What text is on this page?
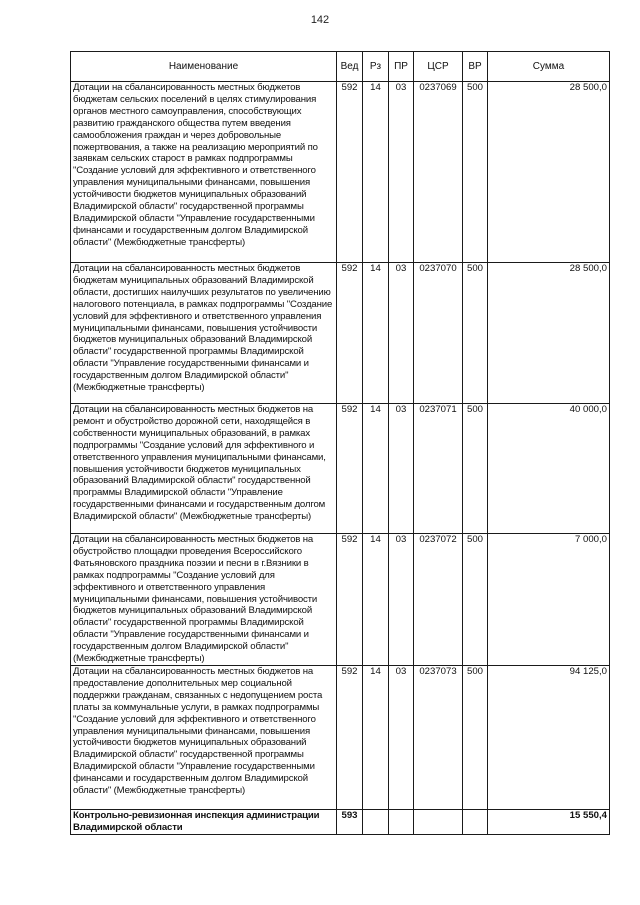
142
Наименование	Вед	Рз	ПР	ЦСР	ВР	Сумма
Дотации на сбалансированность местных бюджетов бюджетам сельских поселений в целях стимулирования органов местного самоуправления, способствующих развитию гражданского общества путем введения самообложения граждан и через добровольные пожертвования, а также на реализацию мероприятий по заявкам сельских старост в рамках подпрограммы "Создание условий для эффективного и ответственного управления муниципальными финансами, повышения устойчивости бюджетов муниципальных образований Владимирской области" государственной программы Владимирской области "Управление государственными финансами и государственным долгом Владимирской области" (Межбюджетные трансферты)	592	14	03	0237069	500	28 500,0
Дотации на сбалансированность местных бюджетов бюджетам муниципальных образований Владимирской области, достигших наилучших результатов по увеличению налогового потенциала, в рамках подпрограммы "Создание условий для эффективного и ответственного управления муниципальными финансами, повышения устойчивости бюджетов муниципальных образований Владимирской области" государственной программы Владимирской области "Управление государственными финансами и государственным долгом Владимирской области" (Межбюджетные трансферты)	592	14	03	0237070	500	28 500,0
Дотации на сбалансированность местных бюджетов на ремонт и обустройство дорожной сети, находящейся в собственности муниципальных образований, в рамках подпрограммы "Создание условий для эффективного и ответственного управления муниципальными финансами, повышения устойчивости бюджетов муниципальных образований Владимирской области" государственной программы Владимирской области "Управление государственными финансами и государственным долгом Владимирской области" (Межбюджетные трансферты)	592	14	03	0237071	500	40 000,0
Дотации на сбалансированность местных бюджетов на обустройство площадки проведения Всероссийского Фатьяновского праздника поэзии и песни в г.Вязники в рамках подпрограммы "Создание условий для эффективного и ответственного управления муниципальными финансами, повышения устойчивости бюджетов муниципальных образований Владимирской области" государственной программы Владимирской области "Управление государственными финансами и государственным долгом Владимирской области" (Межбюджетные трансферты)	592	14	03	0237072	500	7 000,0
Дотации на сбалансированность местных бюджетов на предоставление дополнительных мер социальной поддержки гражданам, связанных с недопущением роста платы за коммунальные услуги, в рамках подпрограммы "Создание условий для эффективного и ответственного управления муниципальными финансами, повышения устойчивости бюджетов муниципальных образований Владимирской области" государственной программы Владимирской области "Управление государственными финансами и государственным долгом Владимирской области" (Межбюджетные трансферты)	592	14	03	0237073	500	94 125,0
Контрольно-ревизионная инспекция администрации Владимирской области	593					15 550,4
